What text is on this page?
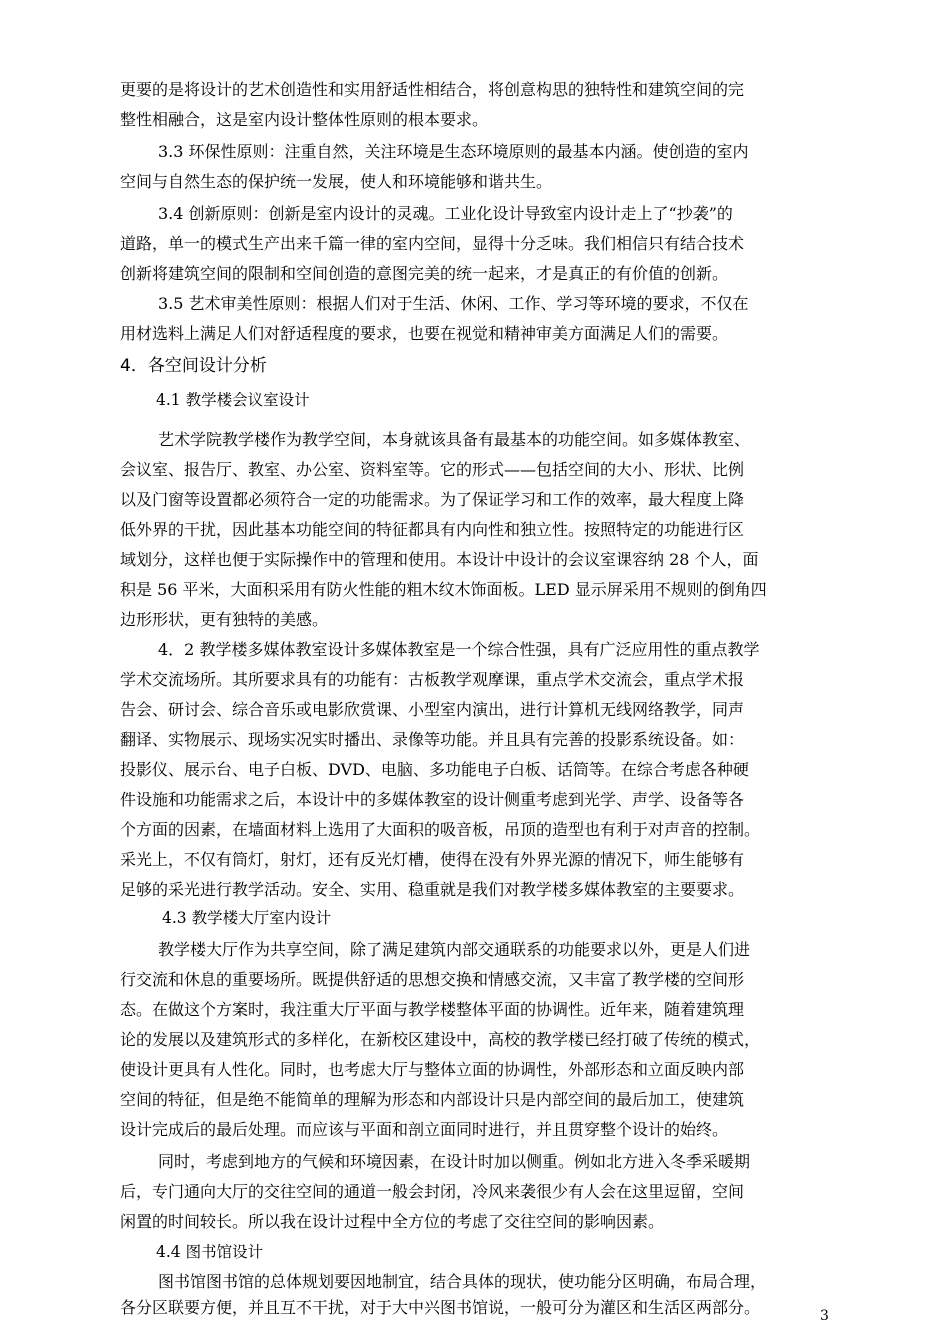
更要的是将设计的艺术创造性和实用舒适性相结合，将创意构思的独特性和建筑空间的完
整性相融合，这是室内设计整体性原则的根本要求。
3.3 环保性原则：注重自然，关注环境是生态环境原则的最基本内涵。使创造的室内
空间与自然生态的保护统一发展，使人和环境能够和谐共生。
3.4 创新原则：创新是室内设计的灵魂。工业化设计导致室内设计走上了“抄袭”的
道路，单一的模式生产出来千篇一律的室内空间，显得十分乏味。我们相信只有结合技术
创新将建筑空间的限制和空间创造的意图完美的统一起来，才是真正的有价值的创新。
3.5 艺术审美性原则：根据人们对于生活、休闲、工作、学习等环境的要求，不仅在
用材选料上满足人们对舒适程度的要求，也要在视觉和精神审美方面满足人们的需要。
4．各空间设计分析
4.1 教学楼会议室设计
艺术学院教学楼作为教学空间，本身就该具备有最基本的功能空间。如多媒体教室、
会议室、报告厅、教室、办公室、资料室等。它的形式——包括空间的大小、形状、比例
以及门窗等设置都必须符合一定的功能需求。为了保证学习和工作的效率，最大程度上降
低外界的干扰，因此基本功能空间的特征都具有内向性和独立性。按照特定的功能进行区
域划分，这样也便于实际操作中的管理和使用。本设计中设计的会议室课容纳 28 个人，面
积是 56 平米，大面积采用有防火性能的粗木纹木饰面板。LED 显示屏采用不规则的倒角四
边形形状，更有独特的美感。
4．2 教学楼多媒体教室设计多媒体教室是一个综合性强，具有广泛应用性的重点教学
学术交流场所。其所要求具有的功能有：古板教学观摩课，重点学术交流会，重点学术报
告会、研讨会、综合音乐或电影欣赏课、小型室内演出，进行计算机无线网络教学，同声
翻译、实物展示、现场实况实时播出、录像等功能。并且具有完善的投影系统设备。如：
投影仪、展示台、电子白板、DVD、电脑、多功能电子白板、话筒等。在综合考虑各种硬
件设施和功能需求之后，本设计中的多媒体教室的设计侧重考虑到光学、声学、设备等各
个方面的因素，在墙面材料上选用了大面积的吸音板，吊顶的造型也有利于对声音的控制。
采光上，不仅有筒灯，射灯，还有反光灯槽，使得在没有外界光源的情况下，师生能够有
足够的采光进行教学活动。安全、实用、稳重就是我们对教学楼多媒体教室的主要要求。
4.3 教学楼大厅室内设计
教学楼大厅作为共享空间，除了满足建筑内部交通联系的功能要求以外，更是人们进
行交流和休息的重要场所。既提供舒适的思想交换和情感交流，又丰富了教学楼的空间形
态。在做这个方案时，我注重大厅平面与教学楼整体平面的协调性。近年来，随着建筑理
论的发展以及建筑形式的多样化，在新校区建设中，高校的教学楼已经打破了传统的模式，
使设计更具有人性化。同时，也考虑大厅与整体立面的协调性，外部形态和立面反映内部
空间的特征，但是绝不能简单的理解为形态和内部设计只是内部空间的最后加工，使建筑
设计完成后的最后处理。而应该与平面和剖立面同时进行，并且贯穿整个设计的始终。
同时，考虑到地方的气候和环境因素，在设计时加以侧重。例如北方进入冬季采暖期
后，专门通向大厅的交往空间的通道一般会封闭，冷风来袭很少有人会在这里逗留，空间
闲置的时间较长。所以我在设计过程中全方位的考虑了交往空间的影响因素。
4.4 图书馆设计
图书馆图书馆的总体规划要因地制宜，结合具体的现状，使功能分区明确，布局合理，
各分区联要方便，并且互不干扰，对于大中兴图书馆说，一般可分为灌区和生活区两部分。	3
